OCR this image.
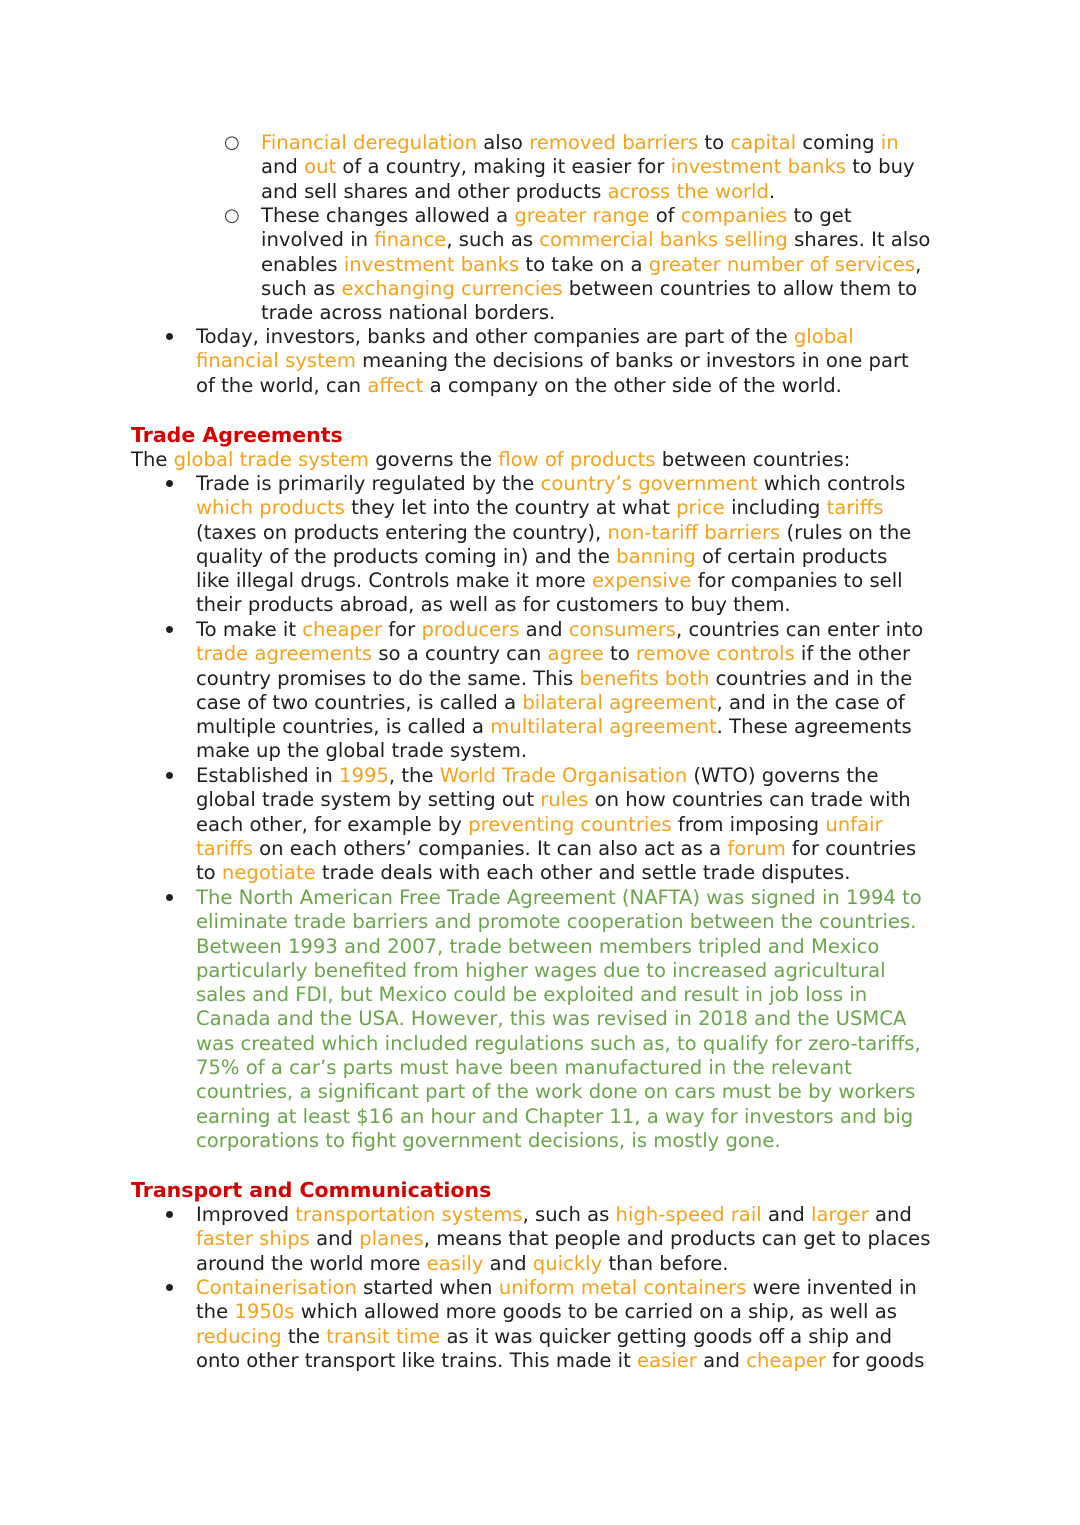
○ Financial deregulation also removed barriers to capital coming in
and out of a country, making it easier for investment banks to buy
and sell shares and other products across the world.
○ These changes allowed a greater range of companies to get
involved in finance, such as commercial banks selling shares. It also
enables investment banks to take on a greater number of services,
such as exchanging currencies between countries to allow them to
trade across national borders.
Today, investors, banks and other companies are part of the global
financial system meaning the decisions of banks or investors in one part
of the world, can affect a company on the other side of the world.
Trade Agreements
The global trade system governs the flow of products between countries:
Trade is primarily regulated by the country’s government which controls
which products they let into the country at what price including tariffs
(taxes on products entering the country), non-tariff barriers (rules on the
quality of the products coming in) and the banning of certain products
like illegal drugs. Controls make it more expensive for companies to sell
their products abroad, as well as for customers to buy them.
To make it cheaper for producers and consumers, countries can enter into
trade agreements so a country can agree to remove controls if the other
country promises to do the same. This benefits both countries and in the
case of two countries, is called a bilateral agreement, and in the case of
multiple countries, is called a multilateral agreement. These agreements
make up the global trade system.
Established in 1995, the World Trade Organisation (WTO) governs the
global trade system by setting out rules on how countries can trade with
each other, for example by preventing countries from imposing unfair
tariffs on each others’ companies. It can also act as a forum for countries
to negotiate trade deals with each other and settle trade disputes.
The North American Free Trade Agreement (NAFTA) was signed in 1994 to
eliminate trade barriers and promote cooperation between the countries.
Between 1993 and 2007, trade between members tripled and Mexico
particularly benefited from higher wages due to increased agricultural
sales and FDI, but Mexico could be exploited and result in job loss in
Canada and the USA. However, this was revised in 2018 and the USMCA
was created which included regulations such as, to qualify for zero-tariffs,
75% of a car’s parts must have been manufactured in the relevant
countries, a significant part of the work done on cars must be by workers
earning at least $16 an hour and Chapter 11, a way for investors and big
corporations to fight government decisions, is mostly gone.
Transport and Communications
Improved transportation systems, such as high-speed rail and larger and
faster ships and planes, means that people and products can get to places
around the world more easily and quickly than before.
Containerisation started when uniform metal containers were invented in
the 1950s which allowed more goods to be carried on a ship, as well as
reducing the transit time as it was quicker getting goods off a ship and
onto other transport like trains. This made it easier and cheaper for goods
